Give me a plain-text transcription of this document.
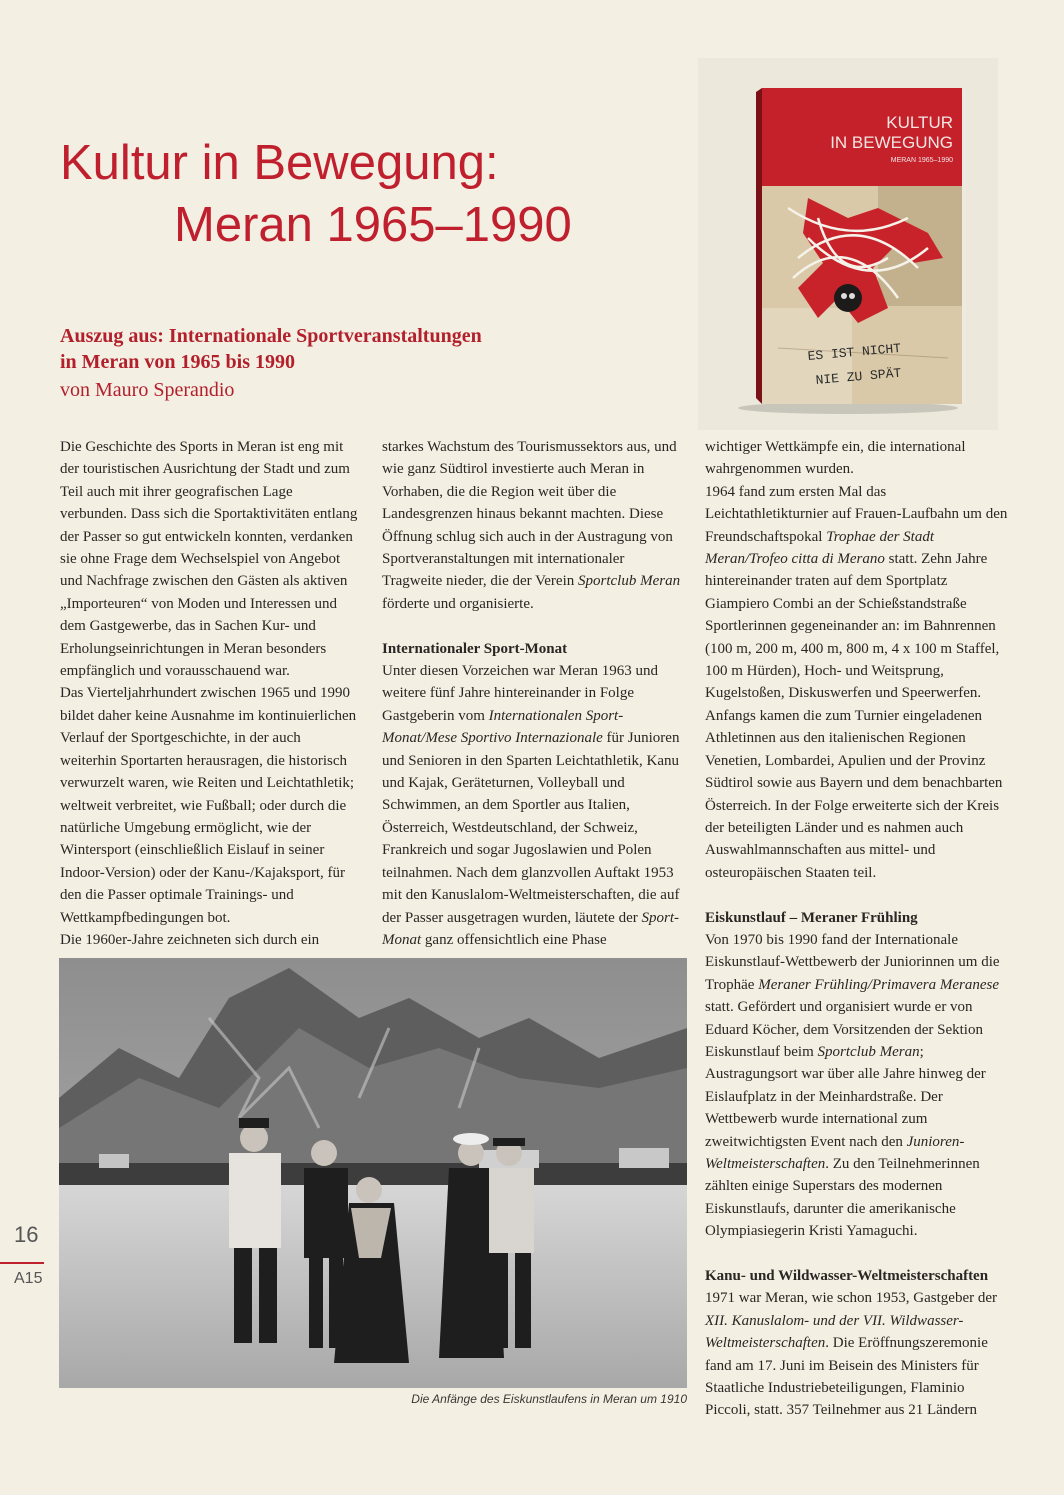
Kultur in Bewegung:
Meran 1965–1990
KULTUR
IN BEWEGUNG
MERAN 1965–1990
ES IST NICHT
NIE ZU SPÄT
Auszug aus: Internationale Sportveranstaltungen
in Meran von 1965 bis 1990
von Mauro Sperandio

Die Geschichte des Sports in Meran ist eng mit der touristischen Ausrichtung der Stadt und zum Teil auch mit ihrer geografischen Lage verbunden. Dass sich die Sportaktivitäten entlang der Passer so gut entwickeln konnten, verdanken sie ohne Frage dem Wechselspiel von Angebot und Nachfrage zwischen den Gästen als aktiven „Importeuren“ von Moden und Interessen und dem Gastgewerbe, das in Sachen Kur- und Erholungseinrichtungen in Meran besonders empfänglich und vorausschauend war.

Das Vierteljahrhundert zwischen 1965 und 1990 bildet daher keine Ausnahme im kontinuierlichen Verlauf der Sportgeschichte, in der auch weiterhin Sportarten herausragen, die historisch verwurzelt waren, wie Reiten und Leichtathletik; weltweit verbreitet, wie Fußball; oder durch die natürliche Umgebung ermöglicht, wie der Wintersport (einschließlich Eislauf in seiner Indoor-Version) oder der Kanu-/Kajaksport, für den die Passer optimale Trainings- und Wettkampfbedingungen bot.

Die 1960er-Jahre zeichneten sich durch ein

starkes Wachstum des Tourismussektors aus, und wie ganz Südtirol investierte auch Meran in Vorhaben, die die Region weit über die Landesgrenzen hinaus bekannt machten. Diese Öffnung schlug sich auch in der Austragung von Sportveranstaltungen mit internationaler Tragweite nieder, die der Verein Sportclub Meran förderte und organisierte.

Internationaler Sport-Monat

Unter diesen Vorzeichen war Meran 1963 und weitere fünf Jahre hintereinander in Folge Gastgeberin vom Internationalen Sport-Monat/Mese Sportivo Internazionale für Junioren und Senioren in den Sparten Leichtathletik, Kanu und Kajak, Geräteturnen, Volleyball und Schwimmen, an dem Sportler aus Italien, Österreich, Westdeutschland, der Schweiz, Frankreich und sogar Jugoslawien und Polen teilnahmen. Nach dem glanzvollen Auftakt 1953 mit den Kanuslalom-Weltmeisterschaften, die auf der Passer ausgetragen wurden, läutete der Sport-Monat ganz offensichtlich eine Phase

wichtiger Wettkämpfe ein, die international wahrgenommen wurden.

1964 fand zum ersten Mal das Leichtathletikturnier auf Frauen-Laufbahn um den Freundschaftspokal Trophae der Stadt Meran/Trofeo citta di Merano statt. Zehn Jahre hintereinander traten auf dem Sportplatz Giampiero Combi an der Schießstandstraße Sportlerinnen gegeneinander an: im Bahnrennen (100 m, 200 m, 400 m, 800 m, 4 x 100 m Staffel, 100 m Hürden), Hoch- und Weitsprung, Kugelstoßen, Diskuswerfen und Speerwerfen. Anfangs kamen die zum Turnier eingeladenen Athletinnen aus den italienischen Regionen Venetien, Lombardei, Apulien und der Provinz Südtirol sowie aus Bayern und dem benachbarten Österreich. In der Folge erweiterte sich der Kreis der beteiligten Länder und es nahmen auch Auswahlmannschaften aus mittel- und osteuropäischen Staaten teil.

Eiskunstlauf – Meraner Frühling

Von 1970 bis 1990 fand der Internationale Eiskunstlauf-Wettbewerb der Juniorinnen um die Trophäe Meraner Frühling/Primavera Meranese statt. Gefördert und organisiert wurde er von Eduard Köcher, dem Vorsitzenden der Sektion Eiskunstlauf beim Sportclub Meran; Austragungsort war über alle Jahre hinweg der Eislaufplatz in der Meinhardstraße. Der Wettbewerb wurde international zum zweitwichtigsten Event nach den Junioren-Weltmeisterschaften. Zu den Teilnehmerinnen zählten einige Superstars des modernen Eiskunstlaufs, darunter die amerikanische Olympiasiegerin Kristi Yamaguchi.

Kanu- und Wildwasser-Weltmeisterschaften

1971 war Meran, wie schon 1953, Gastgeber der XII. Kanuslalom- und der VII. Wildwasser-Weltmeisterschaften. Die Eröffnungszeremonie fand am 17. Juni im Beisein des Ministers für Staatliche Industriebeteiligungen, Flaminio Piccoli, statt. 357 Teilnehmer aus 21 Ländern

Die Anfänge des Eiskunstlaufens in Meran um 1910
16
A15
